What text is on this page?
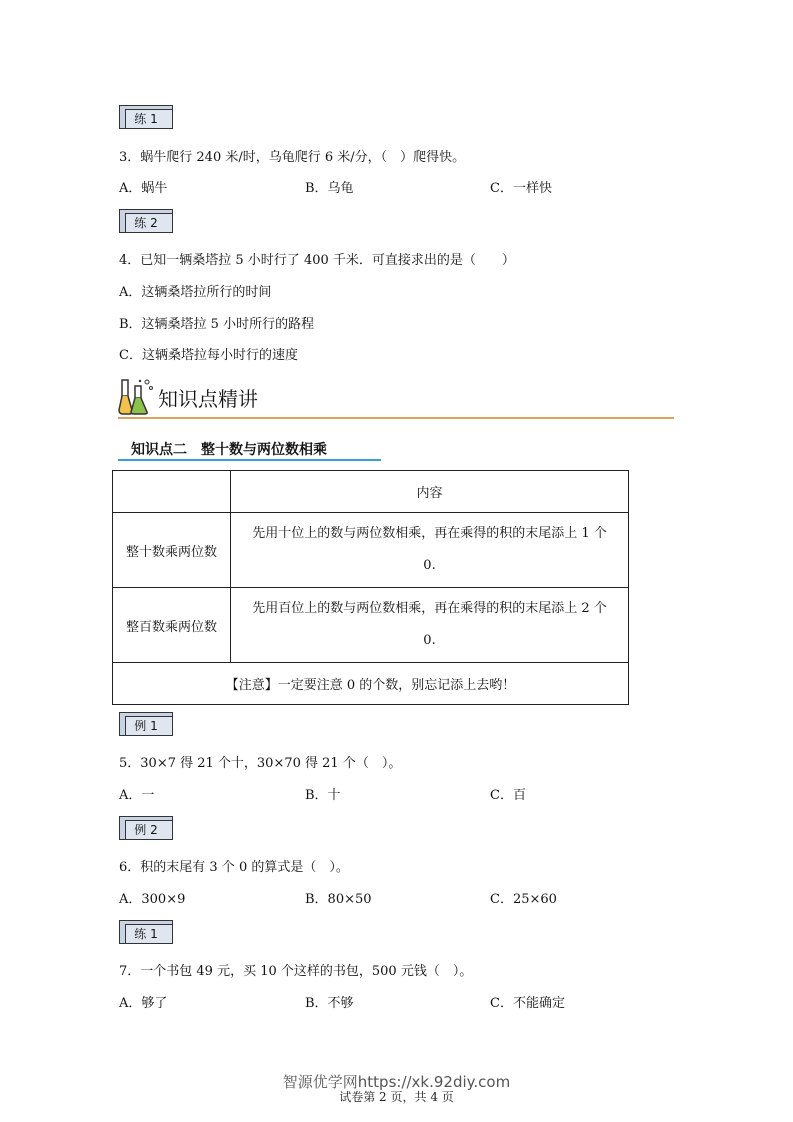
练 1
3．蜗牛爬行 240 米/时，乌龟爬行 6 米/分，（　）爬得快。
A．蜗牛	B．乌龟	C．一样快
练 2
4．已知一辆桑塔拉 5 小时行了 400 千米．可直接求出的是（　　）
A．这辆桑塔拉所行的时间
B．这辆桑塔拉 5 小时所行的路程
C．这辆桑塔拉每小时行的速度
知识点精讲
知识点二　整十数与两位数相乘
	内容
整十数乘两位数	先用十位上的数与两位数相乘，再在乘得的积的末尾添上 1 个
0.

整百数乘两位数	先用百位上的数与两位数相乘，再在乘得的积的末尾添上 2 个
0.

【注意】一定要注意 0 的个数，别忘记添上去哟！	
例 1
5．30×7 得 21 个十，30×70 得 21 个（　）。
A．一	B．十	C．百
例 2
6．积的末尾有 3 个 0 的算式是（　）。
A．300×9	B．80×50	C．25×60
练 1
7．一个书包 49 元，买 10 个这样的书包，500 元钱（　）。
A．够了	B．不够	C．不能确定
智源优学网https://xk.92diy.com
试卷第 2 页，共 4 页
